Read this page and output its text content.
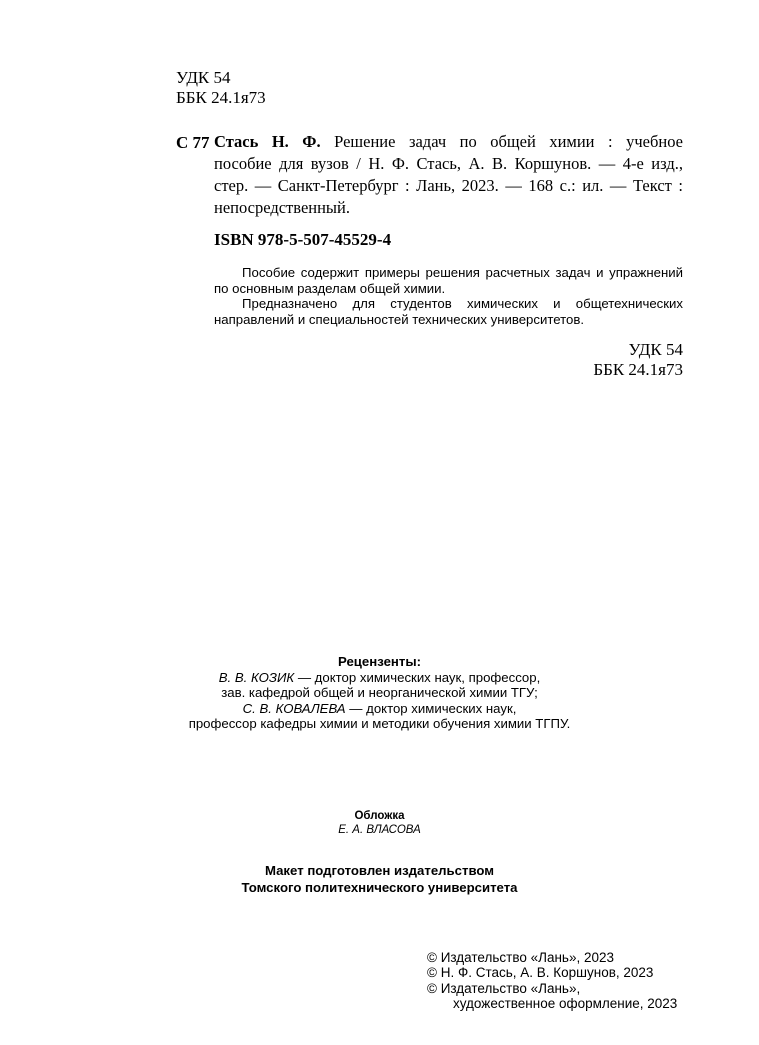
УДК 54
ББК 24.1я73
С 77 Стась Н. Ф. Решение задач по общей химии : учебное
пособие для вузов / Н. Ф. Стась, А. В. Коршунов. — 4-е изд.,
стер. — Санкт-Петербург : Лань, 2023. — 168 с.: ил. — Текст :
непосредственный.
ISBN 978-5-507-45529-4
Пособие содержит примеры решения расчетных задач и упражнений
по основным разделам общей химии.
Предназначено для студентов химических и общетехнических
направлений и специальностей технических университетов.
УДК 54
ББК 24.1я73
Рецензенты:
В. В. КОЗИК — доктор химических наук, профессор,
зав. кафедрой общей и неорганической химии ТГУ;
С. В. КОВАЛЕВА — доктор химических наук,
профессор кафедры химии и методики обучения химии ТГПУ.
Обложка
Е. А. ВЛАСОВА
Макет подготовлен издательством
Томского политехнического университета
© Издательство «Лань», 2023
© Н. Ф. Стась, А. В. Коршунов, 2023
© Издательство «Лань»,
художественное оформление, 2023
